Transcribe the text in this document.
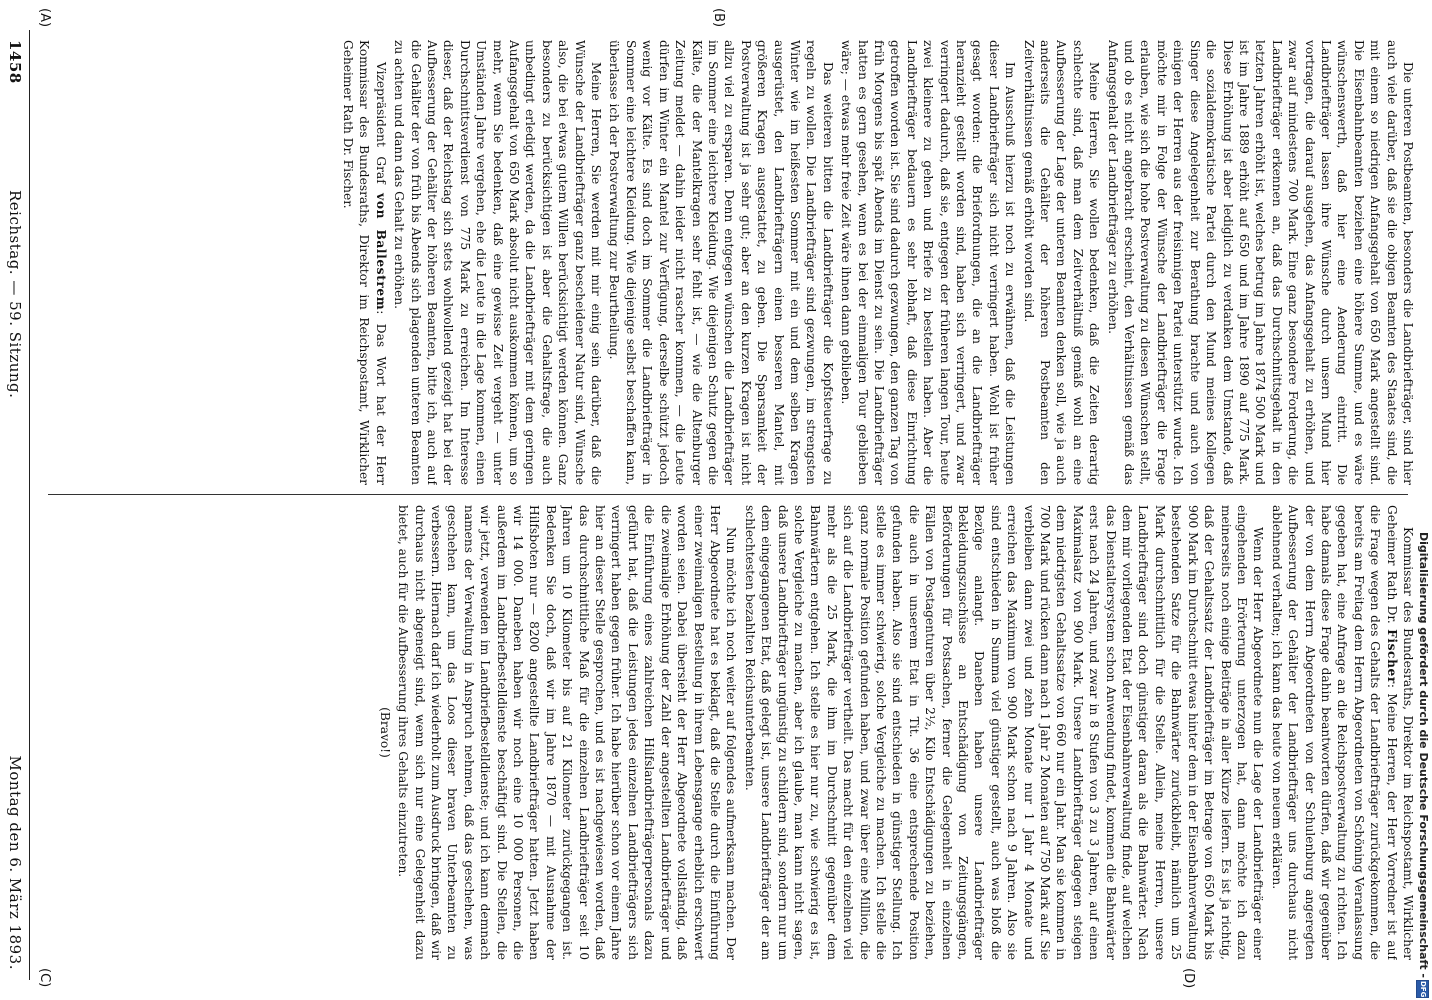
1458
Reichstag. — 59. Sitzung.
Montag den 6. März 1893.
(A)	(B)
(C)	(D)

Die unteren Postbeamten, besonders die Landbriefträger, sind hier auch viele darüber, daß sie die obigen Beamten des Staates sind, die mit einem so niedrigen Anfangsgehalt von 650 Mark angestellt sind. Die Eisenbahnbeamten beziehen eine höhere Summe, und es wäre wünschenswerth, daß hier eine Aenderung eintritt. Die Landbriefträger lassen ihre Wünsche durch unsern Mund hier vortragen, die darauf ausgehen, das Anfangsgehalt zu erhöhen, und zwar auf mindestens 700 Mark. Eine ganz besondere Forderung, die Landbriefträger erkennen an, daß das Durchschnittsgehalt in den letzten Jahren erhöht ist, welches betrug im Jahre 1874 500 Mark und ist im Jahre 1889 erhöht auf 650 und im Jahre 1890 auf 775 Mark. Diese Erhöhung ist aber lediglich zu verdanken dem Umstande, daß die sozialdemokratische Partei durch den Mund meines Kollegen Singer diese Angelegenheit zur Berathung brachte und auch von einigen der Herren aus der freisinnigen Partei unterstützt wurde. Ich möchte mir in Folge der Wünsche der Landbriefträger die Frage erlauben, wie sich die hohe Postverwaltung zu diesen Wünschen stellt, und ob es nicht angebracht erscheint, den Verhältnissen gemäß das Anfangsgehalt der Landbriefträger zu erhöhen.

Meine Herren, Sie wollen bedenken, daß die Zeiten derartig schlechte sind, daß man dem Zeitverhältniß gemäß wohl an eine Aufbesserung der Lage der unteren Beamten denken soll, wie ja auch anderseits die Gehälter der höheren Postbeamten den Zeitverhältnissen gemäß erhöht worden sind.

Im Ausschuß hierzu ist noch zu erwähnen, daß die Leistungen dieser Landbriefträger sich nicht verringert haben. Wohl ist früher gesagt worden: die Briefordnungen, die an die Landbriefträger heranzieht gestellt worden sind, haben sich verringert, und zwar verringert dadurch, daß sie, entgegen der früheren langen Tour, heute zwei kleinere zu gehen und Briefe zu bestellen haben. Aber die Landbriefträger bedauern es sehr lebhaft, daß diese Einrichtung getroffen worden ist. Sie sind dadurch gezwungen, den ganzen Tag von früh Morgens bis spät Abends im Dienst zu sein. Die Landbriefträger hatten es gern gesehen, wenn es bei der einmaligen Tour geblieben wäre; — etwas mehr freie Zeit wäre ihnen dann geblieben.

Das weiteren bitten die Landbriefträger die Kopfsteuerfrage zu regeln zu wollen. Die Landbriefträger sind gezwungen, im strengsten Winter wie im heißesten Sommer mit ein und dem selben Kragen ausgerüstet, den Landbriefträgern einen besseren Mantel, mit größeren Kragen ausgestattet, zu geben. Die Sparsamkeit der Postverwaltung ist ja sehr gut; aber an den kurzen Kragen ist nicht allzu viel zu ersparen. Denn entgegen wünschen die Landbriefträger im Sommer eine leichtere Kleidung. Wie diejenigen Schutz gegen die Kälte, die der Mantelkragen sehr fehlt ist, — wie die Altenburger Zeitung meldet — dahin leider nicht rascher kommen, — die Leute dürfen im Winter ein Mantel zur Verfügung, derselbe schützt jedoch wenig vor Kälte. Es sind doch im Sommer die Landbriefträger in Sommer eine leichtere Kleidung. Wie diejenige selbst beschaffen kann, überlasse ich der Postverwaltung zur Beurtheilung.

Meine Herren, Sie werden mit mir einig sein darüber, daß die Wünsche der Landbriefträger ganz bescheidener Natur sind, Wünsche also, die bei etwas gutem Willen berücksichtigt werden können. Ganz besonders zu berücksichtigen ist aber die Gehaltsfrage, die auch unbedingt erledigt werden, da die Landbriefträger mit dem geringen Aufangsgehalt von 650 Mark absolut nicht auskommen können, um so mehr, wenn Sie bedenken, daß eine gewisse Zeit vergeht — unter Umständen Jahre vergehen, ehe die Leute in die Lage kommen, einen Durchschnittsverdienst von 775 Mark zu erreichen. Im Interesse dieser, daß der Reichstag sich stets wohlwollend gezeigt hat bei der Aufbesserung der Gehälter der höheren Beamten, bitte ich, auch auf die Gehälter der von früh bis Abends sich plagenden unteren Beamten zu achten und dann das Gehalt zu erhöhen.

Vizepräsident Graf von Ballestrem: Das Wort hat der Herr Kommissar des Bundesraths, Direktor im Reichspostamt, Wirklicher Geheimer Rath Dr. Fischer.

Kommissar des Bundesraths, Direktor im Reichspostamt, Wirklicher Geheimer Rath Dr. Fischer: Meine Herren, der Herr Vorredner ist auf die Frage wegen des Gehalts der Landbriefträger zurückgekommen, die bereits am Freitag dem Herrn Abgeordneten von Schöning Veranlassung gegeben hat, eine Anfrage an die Reichspostverwaltung zu richten. Ich habe damals diese Frage dahin beantworten dürfen, daß wir gegenüber der von dem Herrn Abgeordneten von der Schulenburg angeregten Aufbesserung der Gehälter der Landbriefträger uns durchaus nicht ablehnend verhalten; ich kann das heute von neuem erklären.

Wenn der Herr Abgeordnete nun die Lage der Landbriefträger einer eingehenden Erörterung unterzogen hat, dann möchte ich dazu meinerseits noch einige Beiträge in aller Kürze liefern. Es ist ja richtig, daß der Gehaltssatz der Landbriefträger im Betrage von 650 Mark bis 900 Mark im Durchschnitt etwas hinter dem in der Eisenbahnverwaltung bestehenden Satze für die Bahnwärter zurückbleibt, nämlich um 25 Mark durchschnittlich für die Stelle. Allein, meine Herren, unsere Landbriefträger sind doch günstiger daran als die Bahnwärter. Nach dem mir vorliegenden Etat der Eisenbahnverwaltung finde, auf welchen das Dienstaltersystem schon Anwendung findet, kommen die Bahnwärter erst nach 24 Jahren, und zwar in 8 Stufen von 3 zu 3 Jahren, auf einen Maximalsatz von 900 Mark. Unsere Landbriefträger dagegen steigen dem niedrigsten Gehaltssatze von 660 nur ein Jahr. Man sie kommen in 700 Mark und rücken dann nach 1 Jahr 2 Monaten auf 750 Mark auf. Sie verbleiben dann zwei und zehn Monate nur 1 Jahr 4 Monate und erreichen das Maximum von 900 Mark schon nach 9 Jahren. Also sie sind entschieden in Summa viel günstiger gestellt, auch was bloß die Bezüge anlangt. Daneben haben unsere Landbriefträger Bekleidungszuschüsse an Entschädigung von Zeitungsgängen, Beförderungen für Postsachen, ferner die Gelegenheit in einzelnen Fällen von Postagenturen über 2½, Kilo Entschädigungen zu beziehen, die auch in unserem Etat in Tit. 36 eine entsprechende Position gefunden haben. Also sie sind entschieden in günstiger Stellung. Ich stelle es immer schwierig, solche Vergleiche zu machen. Ich stelle die ganz normale Position gefunden haben, und zwar über eine Million, die sich auf die Landbriefträger vertheilt. Das macht für den einzelnen viel mehr als die 25 Mark, die ihm im Durchschnitt gegenüber dem Bahnwärtern entgehen. Ich stelle es hier nur zu, wie schwierig es ist, solche Vergleiche zu machen, aber ich glaube, man kann nicht sagen, daß unsere Landbriefträger ungünstig zu schildern sind, sondern nur um dem eingegangenen Etat, daß gelegt ist, unsere Landbriefträger der am schlechtesten bezahlten Reichsunterbeamten.

Nun möchte ich noch weiter auf folgendes aufmerksam machen. Der Herr Abgeordnete hat es beklagt, daß die Stelle durch die Einführung einer zweimaligen Bestellung in ihrem Lebensgange erheblich erschwert worden seien. Dabei übersieht der Herr Abgeordnete vollständig, daß die zweimalige Erhöhung der Zahl der angestellten Landbriefträger und die Einführung eines zahlreichen Hilfslandbriefträgerpersonals dazu geführt hat, daß die Leistungen jedes einzelnen Landbriefträgers sich verringert haben gegen früher. Ich habe hierüber schon vor einem Jahre hier an dieser Stelle gesprochen, und es ist nachgewiesen worden, daß das durchschnittliche Maß für die einzelnen Landbriefträger seit 10 Jahren um 10 Kilometer bis auf 21 Kilometer zurückgegangen ist. Bedenken Sie doch, daß wir im Jahre 1870 — mit Ausnahme der Hilfsboten nur — 8200 angestellte Landbriefträger hatten. Jetzt haben wir 14 000. Daneben haben wir noch eine 10 000 Personen, die außerdem im Landbriefbestelldienste beschäftigt sind. Die Stellen, die wir jetzt, verwenden im Landbriefbestelldienste; und ich kann demnach namens der Verwaltung in Anspruch nehmen, daß das geschehen, was geschehen kann, um das Loos dieser braven Unterbeamten zu verbessern. Hiernach darf ich wiederholt zum Ausdruck bringen, daß wir durchaus nicht abgeneigt sind, wenn sich nur eine Gelegenheit dazu bietet, auch für die Aufbesserung ihres Gehalts einzutreten.

(Bravo!)	Digitalisierung gefördert durch die Deutsche Forschungsgemeinschaft -
DFG
